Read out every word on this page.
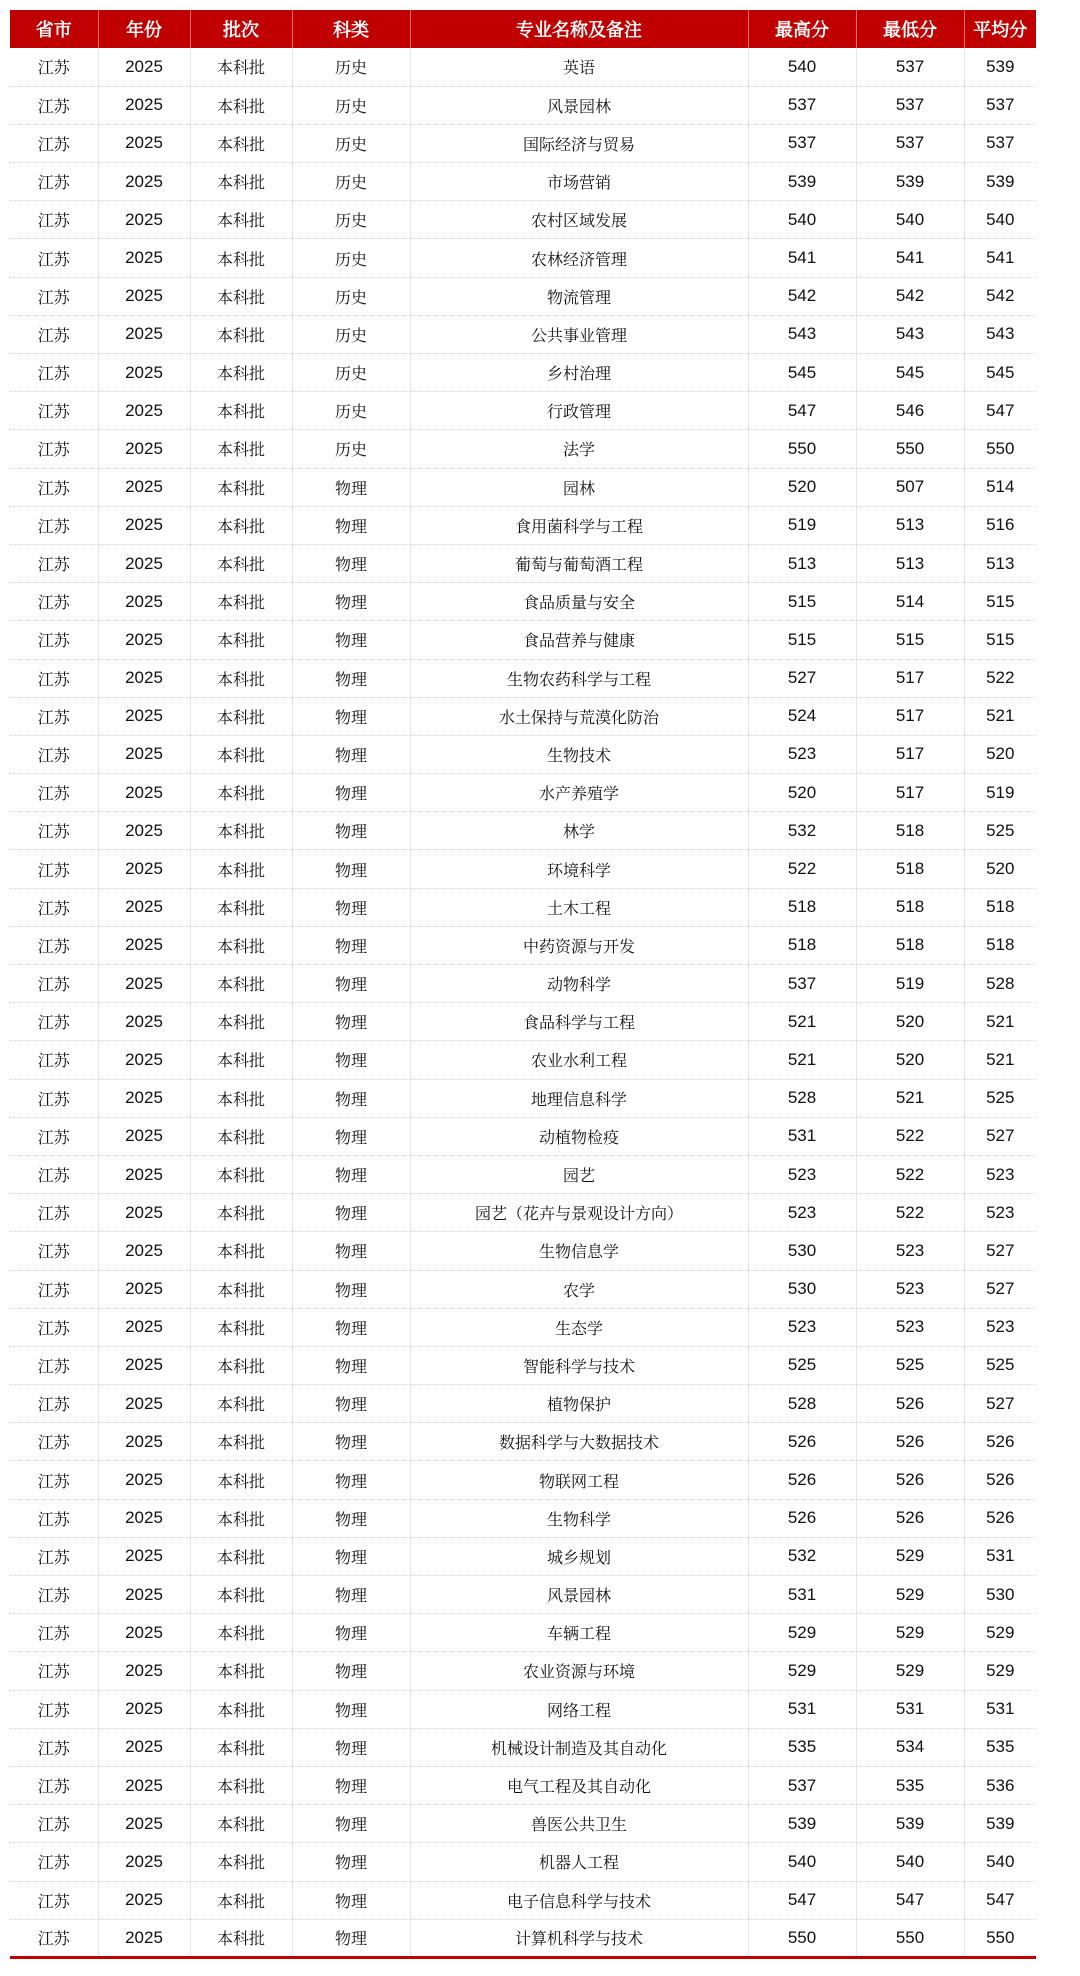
省市	年份	批次	科类	专业名称及备注	最高分	最低分	平均分
江苏	2025	本科批	历史	英语	540	537	539
江苏	2025	本科批	历史	风景园林	537	537	537
江苏	2025	本科批	历史	国际经济与贸易	537	537	537
江苏	2025	本科批	历史	市场营销	539	539	539
江苏	2025	本科批	历史	农村区域发展	540	540	540
江苏	2025	本科批	历史	农林经济管理	541	541	541
江苏	2025	本科批	历史	物流管理	542	542	542
江苏	2025	本科批	历史	公共事业管理	543	543	543
江苏	2025	本科批	历史	乡村治理	545	545	545
江苏	2025	本科批	历史	行政管理	547	546	547
江苏	2025	本科批	历史	法学	550	550	550
江苏	2025	本科批	物理	园林	520	507	514
江苏	2025	本科批	物理	食用菌科学与工程	519	513	516
江苏	2025	本科批	物理	葡萄与葡萄酒工程	513	513	513
江苏	2025	本科批	物理	食品质量与安全	515	514	515
江苏	2025	本科批	物理	食品营养与健康	515	515	515
江苏	2025	本科批	物理	生物农药科学与工程	527	517	522
江苏	2025	本科批	物理	水土保持与荒漠化防治	524	517	521
江苏	2025	本科批	物理	生物技术	523	517	520
江苏	2025	本科批	物理	水产养殖学	520	517	519
江苏	2025	本科批	物理	林学	532	518	525
江苏	2025	本科批	物理	环境科学	522	518	520
江苏	2025	本科批	物理	土木工程	518	518	518
江苏	2025	本科批	物理	中药资源与开发	518	518	518
江苏	2025	本科批	物理	动物科学	537	519	528
江苏	2025	本科批	物理	食品科学与工程	521	520	521
江苏	2025	本科批	物理	农业水利工程	521	520	521
江苏	2025	本科批	物理	地理信息科学	528	521	525
江苏	2025	本科批	物理	动植物检疫	531	522	527
江苏	2025	本科批	物理	园艺	523	522	523
江苏	2025	本科批	物理	园艺（花卉与景观设计方向）	523	522	523
江苏	2025	本科批	物理	生物信息学	530	523	527
江苏	2025	本科批	物理	农学	530	523	527
江苏	2025	本科批	物理	生态学	523	523	523
江苏	2025	本科批	物理	智能科学与技术	525	525	525
江苏	2025	本科批	物理	植物保护	528	526	527
江苏	2025	本科批	物理	数据科学与大数据技术	526	526	526
江苏	2025	本科批	物理	物联网工程	526	526	526
江苏	2025	本科批	物理	生物科学	526	526	526
江苏	2025	本科批	物理	城乡规划	532	529	531
江苏	2025	本科批	物理	风景园林	531	529	530
江苏	2025	本科批	物理	车辆工程	529	529	529
江苏	2025	本科批	物理	农业资源与环境	529	529	529
江苏	2025	本科批	物理	网络工程	531	531	531
江苏	2025	本科批	物理	机械设计制造及其自动化	535	534	535
江苏	2025	本科批	物理	电气工程及其自动化	537	535	536
江苏	2025	本科批	物理	兽医公共卫生	539	539	539
江苏	2025	本科批	物理	机器人工程	540	540	540
江苏	2025	本科批	物理	电子信息科学与技术	547	547	547
江苏	2025	本科批	物理	计算机科学与技术	550	550	550
